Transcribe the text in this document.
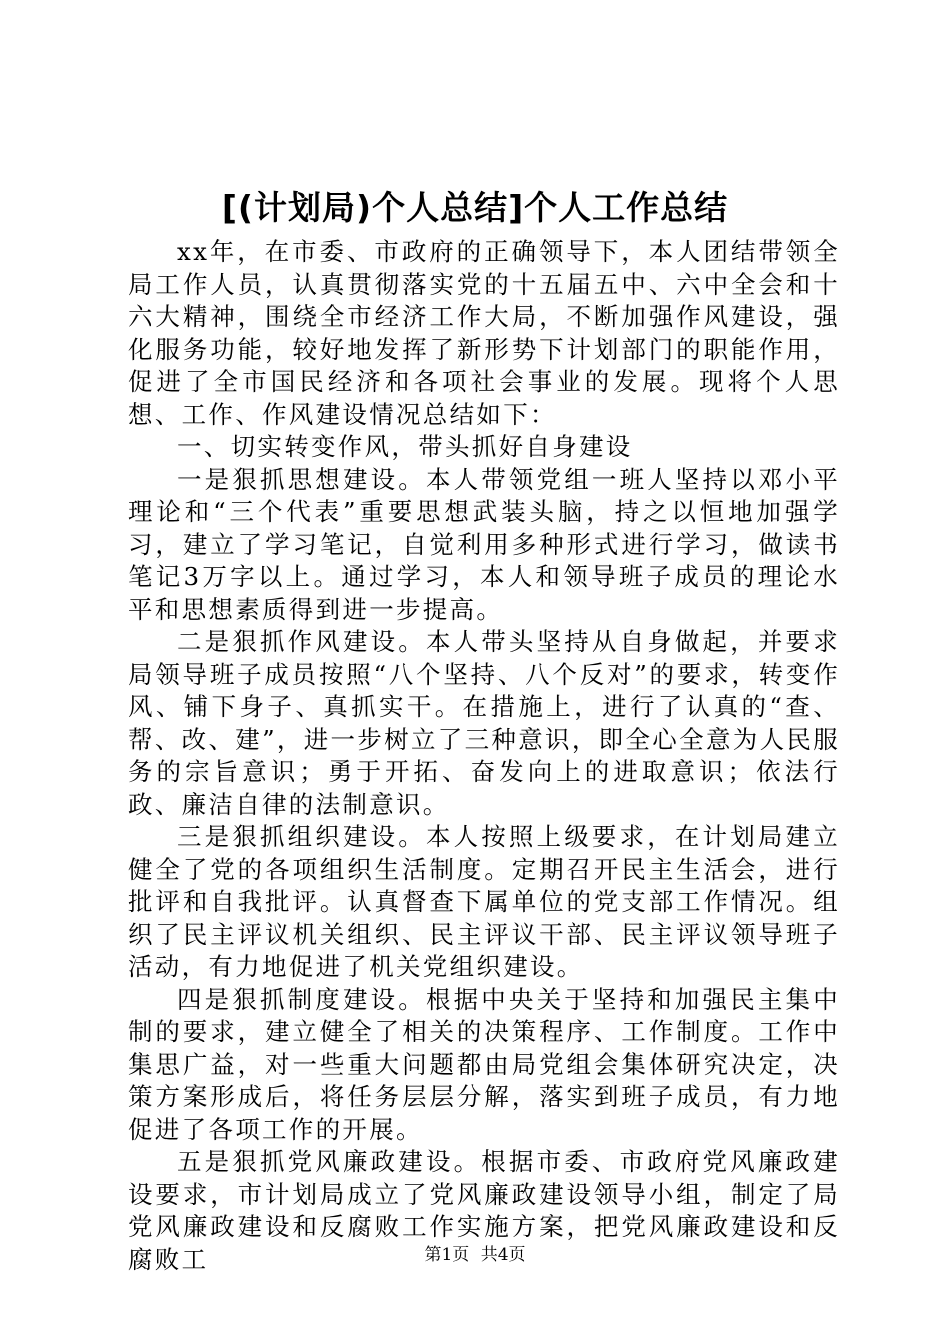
[(计划局)个人总结]个人工作总结

xx年，在市委、市政府的正确领导下，本人团结带领全局工作人员，认真贯彻落实党的十五届五中、六中全会和十六大精神，围绕全市经济工作大局，不断加强作风建设，强化服务功能，较好地发挥了新形势下计划部门的职能作用，促进了全市国民经济和各项社会事业的发展。现将个人思想、工作、作风建设情况总结如下：

一、切实转变作风，带头抓好自身建设

一是狠抓思想建设。本人带领党组一班人坚持以邓小平理论和“三个代表”重要思想武装头脑，持之以恒地加强学习，建立了学习笔记，自觉利用多种形式进行学习，做读书笔记3万字以上。通过学习，本人和领导班子成员的理论水平和思想素质得到进一步提高。

二是狠抓作风建设。本人带头坚持从自身做起，并要求局领导班子成员按照“八个坚持、八个反对”的要求，转变作风、铺下身子、真抓实干。在措施上，进行了认真的“查、帮、改、建”，进一步树立了三种意识，即全心全意为人民服务的宗旨意识；勇于开拓、奋发向上的进取意识；依法行政、廉洁自律的法制意识。

三是狠抓组织建设。本人按照上级要求，在计划局建立健全了党的各项组织生活制度。定期召开民主生活会，进行批评和自我批评。认真督查下属单位的党支部工作情况。组织了民主评议机关组织、民主评议干部、民主评议领导班子活动，有力地促进了机关党组织建设。

四是狠抓制度建设。根据中央关于坚持和加强民主集中制的要求，建立健全了相关的决策程序、工作制度。工作中集思广益，对一些重大问题都由局党组会集体研究决定，决策方案形成后，将任务层层分解，落实到班子成员，有力地促进了各项工作的开展。

五是狠抓党风廉政建设。根据市委、市政府党风廉政建设要求，市计划局成立了党风廉政建设领导小组，制定了局党风廉政建设和反腐败工作实施方案，把党风廉政建设和反腐败工	第1页 共4页
